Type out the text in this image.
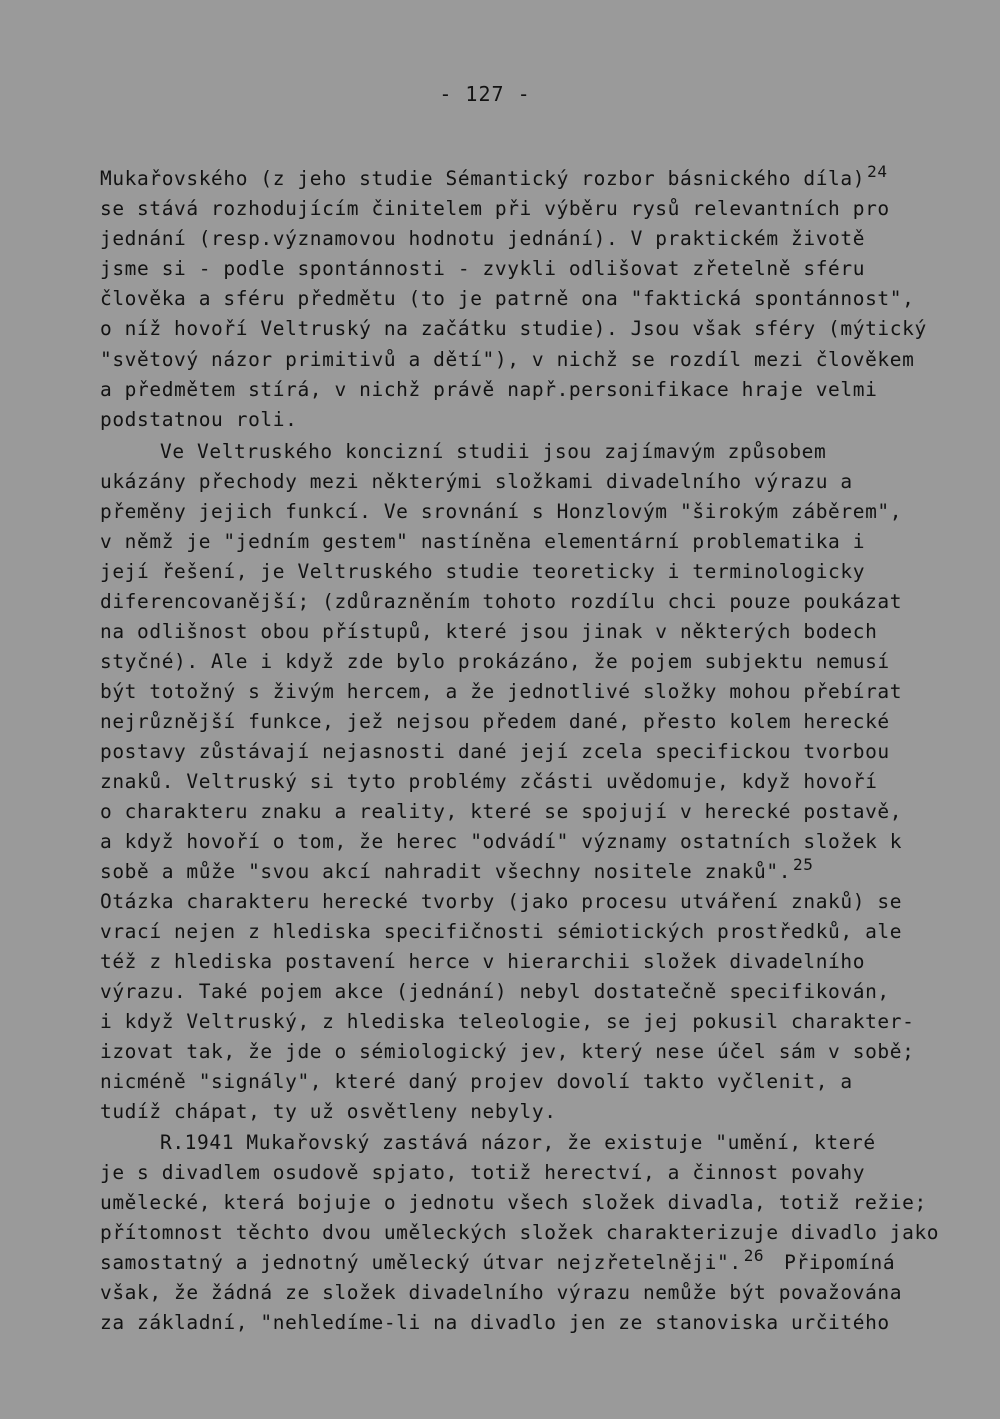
- 127 -
Mukařovského (z jeho studie Sémantický rozbor básnického díla) $^{24}$
se stává rozhodujícím činitelem při výběru rysů relevantních pro
jednání (resp.významovou hodnotu jednání). V praktickém životě
jsme si - podle spontánnosti - zvykli odlišovat zřetelně sféru
člověka a sféru předmětu (to je patrně ona "faktická spontánnost",
o níž hovoří Veltruský na začátku studie). Jsou však sféry (mýtický
"světový názor primitivů a dětí"), v nichž se rozdíl mezi člověkem
a předmětem stírá, v nichž právě např.personifikace hraje velmi
podstatnou roli.
Ve Veltruského koncizní studii jsou zajímavým způsobem
ukázány přechody mezi některými složkami divadelního výrazu a
přeměny jejich funkcí. Ve srovnání s Honzlovým "širokým záběrem",
v němž je "jedním gestem" nastíněna elementární problematika i
její řešení, je Veltruského studie teoreticky i terminologicky
diferencovanější; (zdůrazněním tohoto rozdílu chci pouze poukázat
na odlišnost obou přístupů, které jsou jinak v některých bodech
styčné). Ale i když zde bylo prokázáno, že pojem subjektu nemusí
být totožný s živým hercem, a že jednotlivé složky mohou přebírat
nejrůznější funkce, jež nejsou předem dané, přesto kolem herecké
postavy zůstávají nejasnosti dané její zcela specifickou tvorbou
znaků. Veltruský si tyto problémy zčásti uvědomuje, když hovoří
o charakteru znaku a reality, které se spojují v herecké postavě,
a když hovoří o tom, že herec "odvádí" významy ostatních složek k
sobě a může "svou akcí nahradit všechny nositele znaků". $^{25}$
Otázka charakteru herecké tvorby (jako procesu utváření znaků) se
vrací nejen z hlediska specifičnosti sémiotických prostředků, ale
též z hlediska postavení herce v hierarchii složek divadelního
výrazu. Také pojem akce (jednání) nebyl dostatečně specifikován,
i když Veltruský, z hlediska teleologie, se jej pokusil charakter-
izovat tak, že jde o sémiologický jev, který nese účel sám v sobě;
nicméně "signály", které daný projev dovolí takto vyčlenit, a
tudíž chápat, ty už osvětleny nebyly.
R.1941 Mukařovský zastává názor, že existuje "umění, které
je s divadlem osudově spjato, totiž herectví, a činnost povahy
umělecké, která bojuje o jednotu všech složek divadla, totiž režie;
přítomnost těchto dvou uměleckých složek charakterizuje divadlo jako
samostatný a jednotný umělecký útvar nejzřetelněji". $^{26}$ Připomíná
však, že žádná ze složek divadelního výrazu nemůže být považována
za základní, "nehledíme-li na divadlo jen ze stanoviska určitého
